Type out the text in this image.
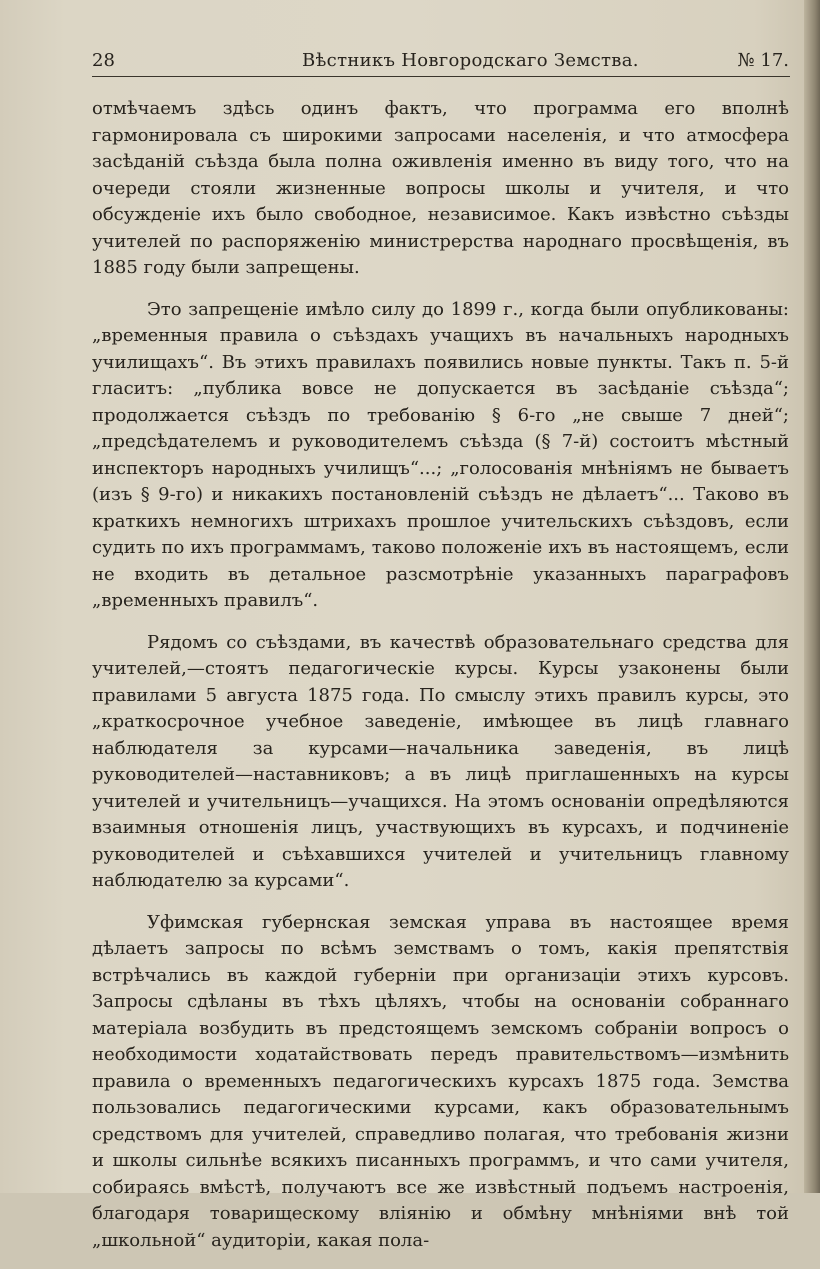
28	Вѣстникъ Новгородскаго Земства.	№ 17.

отмѣчаемъ здѣсь одинъ фактъ, что программа его вполнѣ гармонировала съ широкими запросами населенія, и что атмосфера засѣданій съѣзда была полна оживленія именно въ виду того, что на очереди стояли жизненные вопросы школы и учителя, и что обсужденіе ихъ было свободное, независимое. Какъ извѣстно съѣзды учителей по распоряженію министрерства народнаго просвѣщенія, въ 1885 году были запрещены.

Это запрещеніе имѣло силу до 1899 г., когда были опубликованы: „временныя правила о съѣздахъ учащихъ въ начальныхъ народныхъ училищахъ“. Въ этихъ правилахъ появились новые пункты. Такъ п. 5-й гласитъ: „публика вовсе не допускается въ засѣданіе съѣзда“; продолжается съѣздъ по требованію § 6-го „не свыше 7 дней“; „предсѣдателемъ и руководителемъ съѣзда (§ 7-й) состоитъ мѣстный инспекторъ народныхъ училищъ“...; „голосованія мнѣніямъ не бываетъ (изъ § 9-го) и никакихъ постановленій съѣздъ не дѣлаетъ“... Таково въ краткихъ немногихъ штрихахъ прошлое учительскихъ съѣздовъ, если судить по ихъ программамъ, таково положеніе ихъ въ настоящемъ, если не входить въ детальное разсмотрѣніе указанныхъ параграфовъ „временныхъ правилъ“.

Рядомъ со съѣздами, въ качествѣ образовательнаго средства для учителей,—стоятъ педагогическіе курсы. Курсы узаконены были правилами 5 августа 1875 года. По смыслу этихъ правилъ курсы, это „краткосрочное учебное заведеніе, имѣющее въ лицѣ главнаго наблюдателя за курсами—начальника заведенія, въ лицѣ руководителей—наставниковъ; а въ лицѣ приглашенныхъ на курсы учителей и учительницъ—учащихся. На этомъ основаніи опредѣляются взаимныя отношенія лицъ, участвующихъ въ курсахъ, и подчиненіе руководителей и съѣхавшихся учителей и учительницъ главному наблюдателю за курсами“.

Уфимская губернская земская управа въ настоящее время дѣлаетъ запросы по всѣмъ земствамъ о томъ, какія препятствія встрѣчались въ каждой губерніи при организаціи этихъ курсовъ. Запросы сдѣланы въ тѣхъ цѣляхъ, чтобы на основаніи собраннаго матеріала возбудить въ предстоящемъ земскомъ собраніи вопросъ о необходимости ходатайствовать передъ правительствомъ—измѣнить правила о временныхъ педагогическихъ курсахъ 1875 года. Земства пользовались педагогическими курсами, какъ образовательнымъ средствомъ для учителей, справедливо полагая, что требованія жизни и школы сильнѣе всякихъ писанныхъ программъ, и что сами учителя, собираясь вмѣстѣ, получаютъ все же извѣстный подъемъ настроенія, благодаря товарищескому вліянію и обмѣну мнѣніями внѣ той „школьной“ аудиторіи, какая пола-
